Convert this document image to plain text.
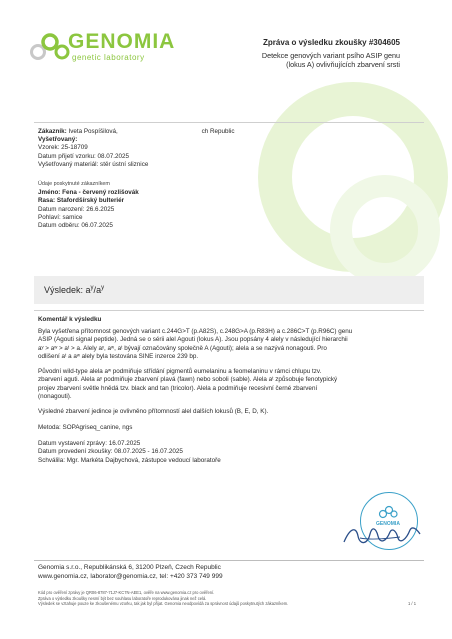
GENOMIA
genetic laboratory
Zpráva o výsledku zkoušky #304605
Detekce genových variant psího ASIP genu
(lokus A) ovlivňujících zbarvení srsti
Zákazník: Iveta Pospíšilová,	ch Republic
Vyšetřovaný:
Vzorek: 25-18709
Datum přijetí vzorku: 08.07.2025
Vyšetřovaný materiál: stěr ústní sliznice
Údaje poskytnuté zákazníkem
Jméno: Fena - červený rozlišovák
Rasa: Stafordšírský bulteriér
Datum narození: 26.6.2025
Pohlaví: samice
Datum odběru: 06.07.2025
Výsledek: $a^y/a^y$
Komentář k výsledku
Byla vyšetřena přítomnost genových variant c.244G>T (p.A82S), c.248G>A (p.R83H) a c.286C>T (p.R96C) genu
ASIP (Agouti signal peptide). Jedná se o sérii alel Agouti (lokus A). Jsou popsány 4 alely v následující hierarchii
aʸ > aʷ > aᵗ > a. Alely aʸ, aʷ, aᵗ bývají označovány společně A (Agouti); alela a se nazývá nonagouti. Pro
odlišení aᵗ a aʷ alely byla testována SINE inzerce 239 bp.
Původní wild-type alela aʷ podmiňuje střídání pigmentů eumelaninu a feomelaninu v rámci chlupu tzv.
zbarvení aguti. Alela aʸ podmiňuje zbarvení plavá (fawn) nebo soboli (sable). Alela aᵗ způsobuje fenotypický
projev zbarvení světle hnědá tzv. black and tan (tricolor). Alela a podmiňuje recesivní černé zbarvení
(nonagouti).
Výsledné zbarvení jedince je ovlivněno přítomností alel dalších lokusů (B, E, D, K).
Metoda: SOPAgriseq_canine, ngs
Datum vystavení zprávy: 16.07.2025
Datum provedení zkoušky: 08.07.2025 - 16.07.2025
Schválila: Mgr. Markéta Dajbychová, zástupce vedoucí laboratoře
GENOMIA
Genomia s.r.o., Republikánská 6, 31200 Plzeň, Czech Republic
www.genomia.cz, laborator@genomia.cz, tel: +420 373 749 999
Kód pro ověření zprávy je QR06-8787-71J7-KC7N-AEE1, ověře na www.genomia.cz pro ověření.
Zpráva o výsledku zkoušky nesmí být bez souhlasu laboratoře reprodukována jinak než celá.
Výsledek se vztahuje pouze ke zkoušenému vzorku, tak jak byl přijat. Genomia neodpovídá za správnost údajů poskytnutých zákazníkem.	1 / 1
